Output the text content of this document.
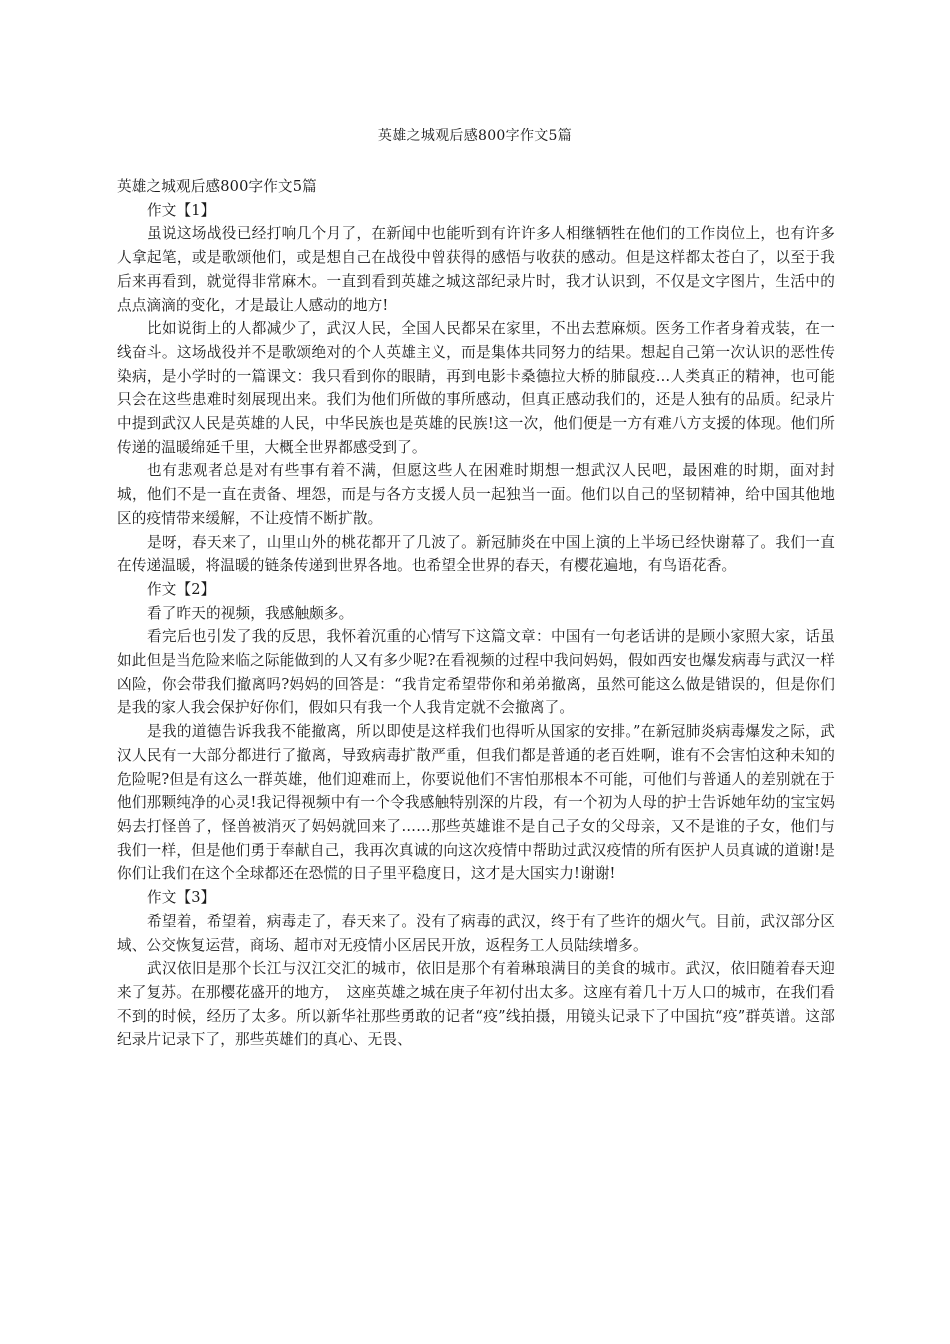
英雄之城观后感800字作文5篇

英雄之城观后感800字作文5篇

作文【1】

虽说这场战役已经打响几个月了，在新闻中也能听到有许许多人相继牺牲在他们的工作岗位上，也有许多人拿起笔，或是歌颂他们，或是想自己在战役中曾获得的感悟与收获的感动。但是这样都太苍白了，以至于我后来再看到，就觉得非常麻木。一直到看到英雄之城这部纪录片时，我才认识到，不仅是文字图片，生活中的点点滴滴的变化，才是最让人感动的地方!

比如说街上的人都减少了，武汉人民，全国人民都呆在家里，不出去惹麻烦。医务工作者身着戎装，在一线奋斗。这场战役并不是歌颂绝对的个人英雄主义，而是集体共同努力的结果。想起自己第一次认识的恶性传染病，是小学时的一篇课文：我只看到你的眼睛，再到电影卡桑德拉大桥的肺鼠疫…人类真正的精神，也可能只会在这些患难时刻展现出来。我们为他们所做的事所感动，但真正感动我们的，还是人独有的品质。纪录片中提到武汉人民是英雄的人民，中华民族也是英雄的民族!这一次，他们便是一方有难八方支援的体现。他们所传递的温暖绵延千里，大概全世界都感受到了。

也有悲观者总是对有些事有着不满，但愿这些人在困难时期想一想武汉人民吧，最困难的时期，面对封城，他们不是一直在责备、埋怨，而是与各方支援人员一起独当一面。他们以自己的坚韧精神，给中国其他地区的疫情带来缓解，不让疫情不断扩散。

是呀，春天来了，山里山外的桃花都开了几波了。新冠肺炎在中国上演的上半场已经快谢幕了。我们一直在传递温暖，将温暖的链条传递到世界各地。也希望全世界的春天，有樱花遍地，有鸟语花香。

作文【2】

看了昨天的视频，我感触颇多。

看完后也引发了我的反思，我怀着沉重的心情写下这篇文章：中国有一句老话讲的是顾小家照大家，话虽如此但是当危险来临之际能做到的人又有多少呢?在看视频的过程中我问妈妈，假如西安也爆发病毒与武汉一样凶险，你会带我们撤离吗?妈妈的回答是：“我肯定希望带你和弟弟撤离，虽然可能这么做是错误的，但是你们是我的家人我会保护好你们，假如只有我一个人我肯定就不会撤离了。

是我的道德告诉我我不能撤离，所以即使是这样我们也得听从国家的安排。”在新冠肺炎病毒爆发之际，武汉人民有一大部分都进行了撤离，导致病毒扩散严重，但我们都是普通的老百姓啊，谁有不会害怕这种未知的危险呢?但是有这么一群英雄，他们迎难而上，你要说他们不害怕那根本不可能，可他们与普通人的差别就在于他们那颗纯净的心灵!我记得视频中有一个令我感触特别深的片段，有一个初为人母的护士告诉她年幼的宝宝妈妈去打怪兽了，怪兽被消灭了妈妈就回来了……那些英雄谁不是自己子女的父母亲，又不是谁的子女，他们与我们一样，但是他们勇于奉献自己，我再次真诚的向这次疫情中帮助过武汉疫情的所有医护人员真诚的道谢!是你们让我们在这个全球都还在恐慌的日子里平稳度日，这才是大国实力!谢谢!

作文【3】

希望着，希望着，病毒走了，春天来了。没有了病毒的武汉，终于有了些许的烟火气。目前，武汉部分区域、公交恢复运营，商场、超市对无疫情小区居民开放，返程务工人员陆续增多。

武汉依旧是那个长江与汉江交汇的城市，依旧是那个有着琳琅满目的美食的城市。武汉，依旧随着春天迎来了复苏。在那樱花盛开的地方，　这座英雄之城在庚子年初付出太多。这座有着几十万人口的城市，在我们看不到的时候，经历了太多。所以新华社那些勇敢的记者“疫”线拍摄，用镜头记录下了中国抗“疫”群英谱。这部纪录片记录下了，那些英雄们的真心、无畏、
